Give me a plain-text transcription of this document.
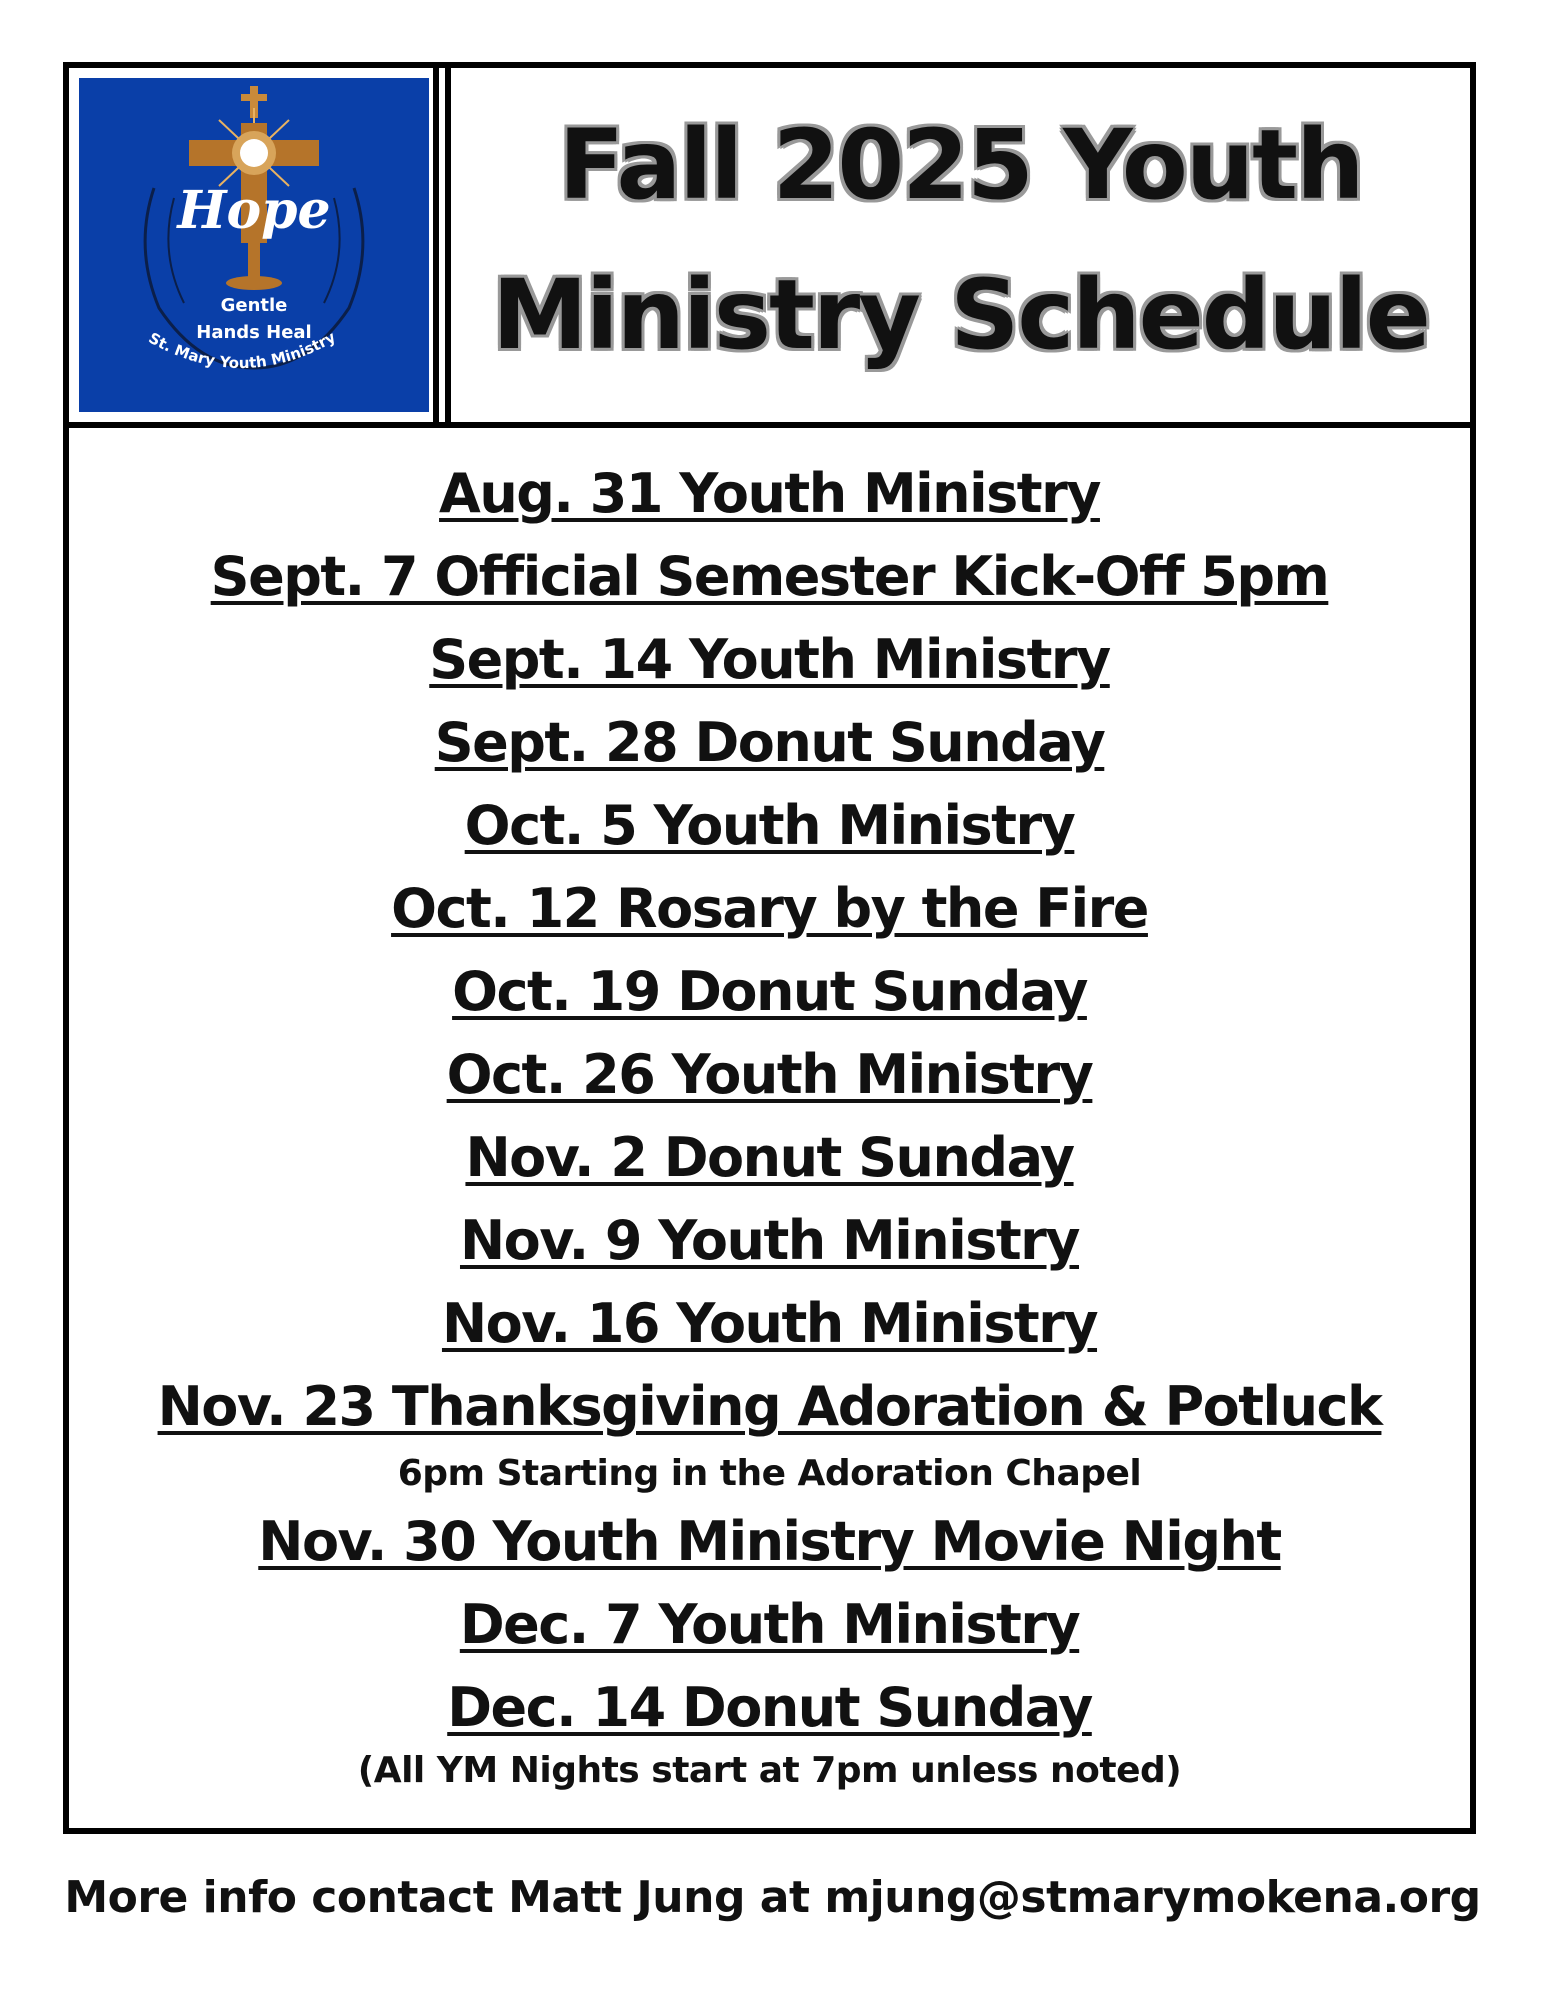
Hope
Gentle
Hands Heal
St. Mary Youth Ministry
Fall 2025 Youth
Ministry Schedule
Aug. 31 Youth Ministry
Sept. 7 Official Semester Kick-Off 5pm
Sept. 14 Youth Ministry
Sept. 28 Donut Sunday
Oct. 5 Youth Ministry
Oct. 12 Rosary by the Fire
Oct. 19 Donut Sunday
Oct. 26 Youth Ministry
Nov. 2 Donut Sunday
Nov. 9 Youth Ministry
Nov. 16 Youth Ministry
Nov. 23 Thanksgiving Adoration & Potluck
6pm Starting in the Adoration Chapel
Nov. 30 Youth Ministry Movie Night
Dec. 7 Youth Ministry
Dec. 14 Donut Sunday
(All YM Nights start at 7pm unless noted)
More info contact Matt Jung at mjung@stmarymokena.org
